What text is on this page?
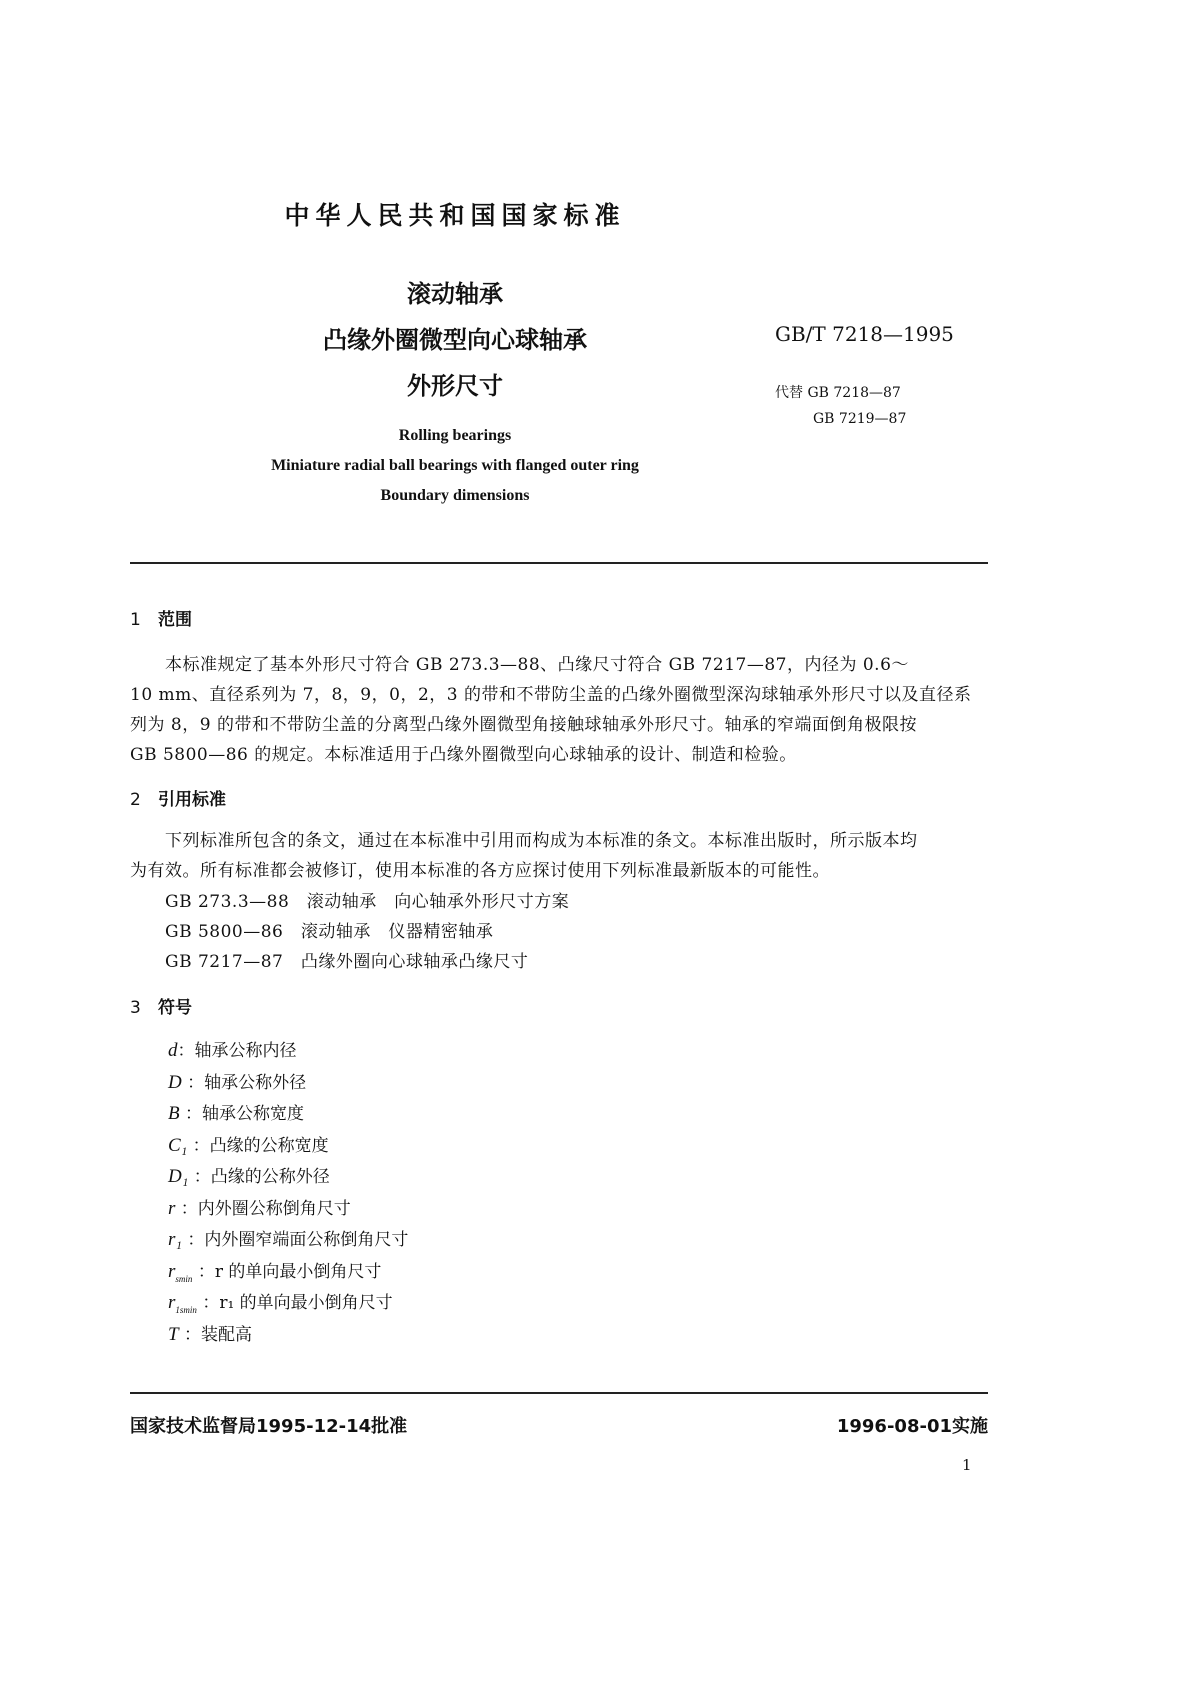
中华人民共和国国家标准
滚动轴承
凸缘外圈微型向心球轴承
外形尺寸
GB/T 7218—1995
代替 GB 7218—87
GB 7219—87
Rolling bearings
Miniature radial ball bearings with flanged outer ring
Boundary dimensions
1 范围
　　本标准规定了基本外形尺寸符合 GB 273.3—88、凸缘尺寸符合 GB 7217—87，内径为 0.6～
10 mm、直径系列为 7，8，9，0，2，3 的带和不带防尘盖的凸缘外圈微型深沟球轴承外形尺寸以及直径系
列为 8，9 的带和不带防尘盖的分离型凸缘外圈微型角接触球轴承外形尺寸。轴承的窄端面倒角极限按
GB 5800—86 的规定。本标准适用于凸缘外圈微型向心球轴承的设计、制造和检验。
2 引用标准
　　下列标准所包含的条文，通过在本标准中引用而构成为本标准的条文。本标准出版时，所示版本均
为有效。所有标准都会被修订，使用本标准的各方应探讨使用下列标准最新版本的可能性。
　　GB 273.3—88　滚动轴承　向心轴承外形尺寸方案
　　GB 5800—86　滚动轴承　仪器精密轴承
　　GB 7217—87　凸缘外圈向心球轴承凸缘尺寸
3 符号
d：轴承公称内径
D ：轴承公称外径
B ：轴承公称宽度
C₁ ：凸缘的公称宽度
D₁ ：凸缘的公称外径
r ：内外圈公称倒角尺寸
r₁ ：内外圈窄端面公称倒角尺寸
$r_{smin}$ ：r 的单向最小倒角尺寸
$r_{1smin}$ ：r₁ 的单向最小倒角尺寸
T ：装配高
国家技术监督局1995-12-14批准	1996-08-01实施
1
